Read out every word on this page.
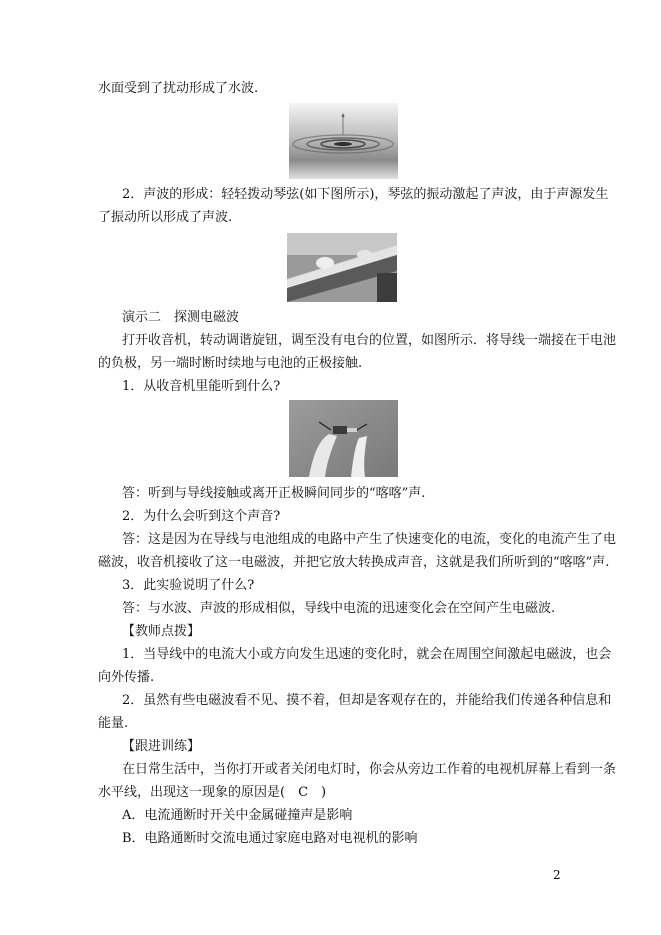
水面受到了扰动形成了水波.
2．声波的形成：轻轻拨动琴弦(如下图所示)，琴弦的振动激起了声波，由于声源发生
了振动所以形成了声波.
演示二　探测电磁波
打开收音机，转动调谐旋钮，调至没有电台的位置，如图所示．将导线一端接在干电池
的负极，另一端时断时续地与电池的正极接触.
1．从收音机里能听到什么?
答：听到与导线接触或离开正极瞬间同步的“喀喀”声.
2．为什么会听到这个声音?
答：这是因为在导线与电池组成的电路中产生了快速变化的电流，变化的电流产生了电
磁波，收音机接收了这一电磁波，并把它放大转换成声音，这就是我们所听到的“喀喀”声.
3．此实验说明了什么?
答：与水波、声波的形成相似，导线中电流的迅速变化会在空间产生电磁波.
【教师点拨】
1．当导线中的电流大小或方向发生迅速的变化时，就会在周围空间激起电磁波，也会
向外传播.
2．虽然有些电磁波看不见、摸不着，但却是客观存在的，并能给我们传递各种信息和
能量.
【跟进训练】
在日常生活中，当你打开或者关闭电灯时，你会从旁边工作着的电视机屏幕上看到一条
水平线，出现这一现象的原因是(　C　)
A．电流通断时开关中金属碰撞声是影响
B．电路通断时交流电通过家庭电路对电视机的影响
2
